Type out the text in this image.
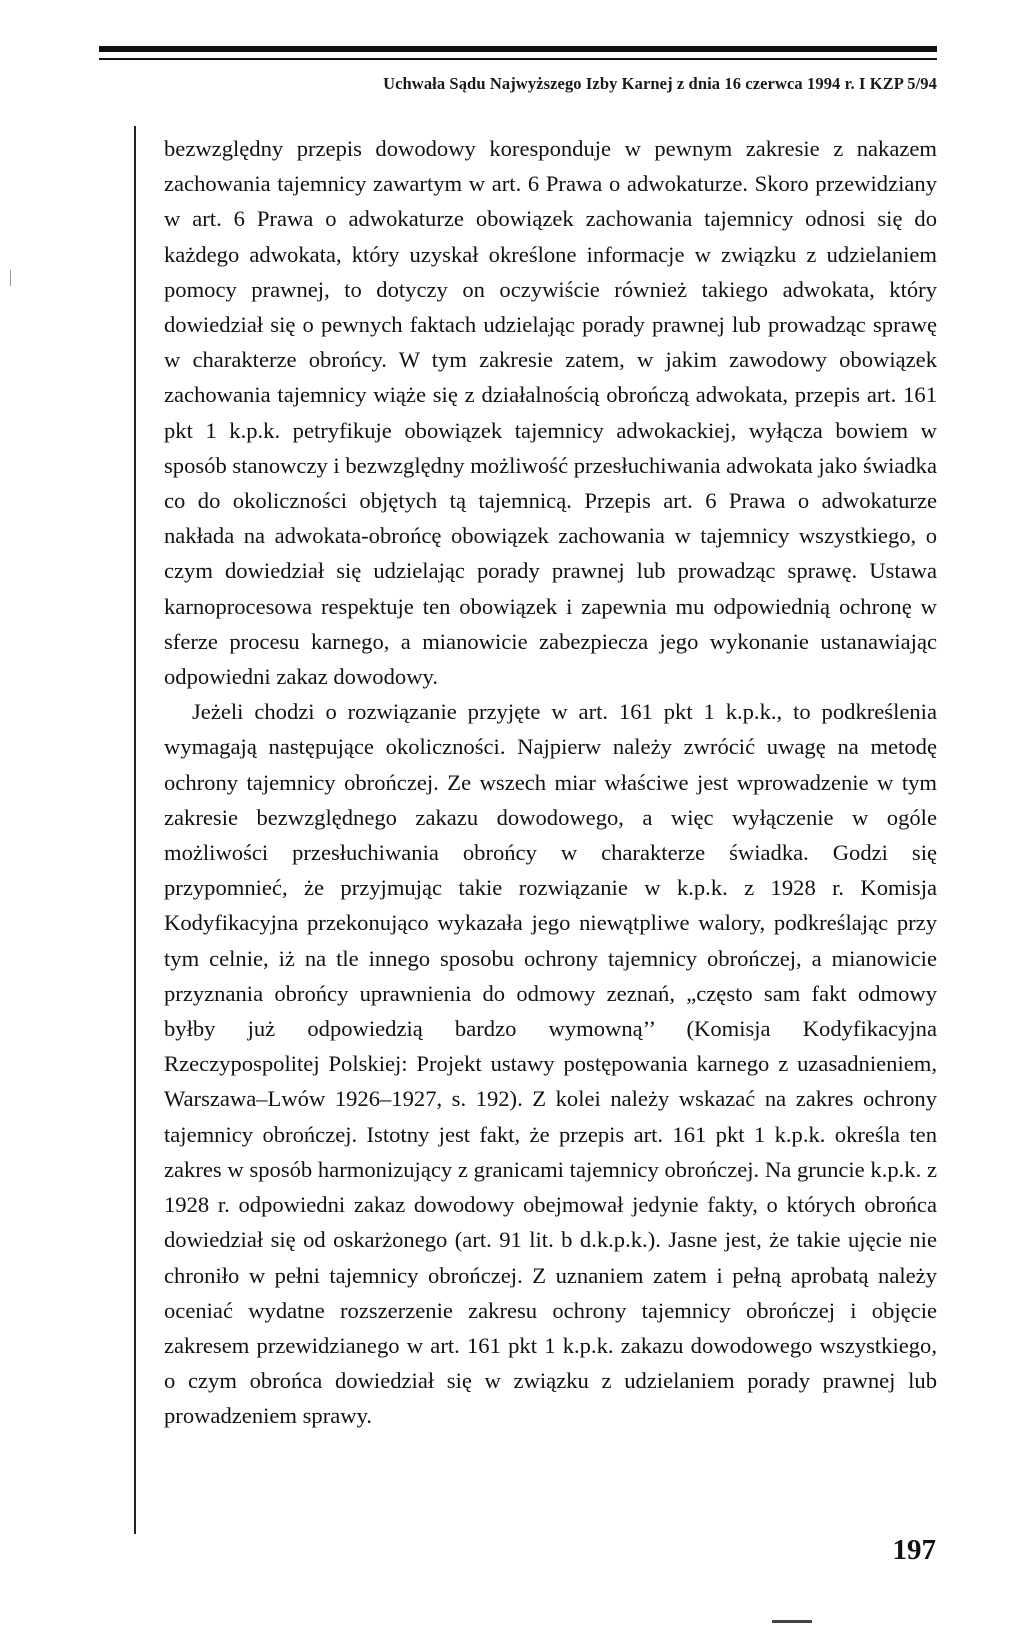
Uchwała Sądu Najwyższego Izby Karnej z dnia 16 czerwca 1994 r. I KZP 5/94

bezwzględny przepis dowodowy koresponduje w pewnym zakresie z nakazem zachowania tajemnicy zawartym w art. 6 Prawa o adwokaturze. Skoro przewidziany w art. 6 Prawa o adwokaturze obowiązek zachowania tajemnicy odnosi się do każdego adwokata, który uzyskał określone informacje w związku z udzielaniem pomocy prawnej, to dotyczy on oczywiście również takiego adwokata, który dowiedział się o pewnych faktach udzielając porady prawnej lub prowadząc sprawę w charakterze obrońcy. W tym zakresie zatem, w jakim zawodowy obowiązek zachowania tajemnicy wiąże się z działalnością obrończą adwokata, przepis art. 161 pkt 1 k.p.k. petryfikuje obowiązek tajemnicy adwokackiej, wyłącza bowiem w sposób stanowczy i bezwzględny możliwość przesłuchiwania adwokata jako świadka co do okoliczności objętych tą tajemnicą. Przepis art. 6 Prawa o adwokaturze nakłada na adwokata-obrońcę obowiązek zachowania w tajemnicy wszystkiego, o czym dowiedział się udzielając porady prawnej lub prowadząc sprawę. Ustawa karnoprocesowa respektuje ten obowiązek i zapewnia mu odpowiednią ochronę w sferze procesu karnego, a mianowicie zabezpiecza jego wykonanie ustanawiając odpowiedni zakaz dowodowy.

Jeżeli chodzi o rozwiązanie przyjęte w art. 161 pkt 1 k.p.k., to podkreślenia wymagają następujące okoliczności. Najpierw należy zwrócić uwagę na metodę ochrony tajemnicy obrończej. Ze wszech miar właściwe jest wprowadzenie w tym zakresie bezwzględnego zakazu dowodowego, a więc wyłączenie w ogóle możliwości przesłuchiwania obrońcy w charakterze świadka. Godzi się przypomnieć, że przyjmując takie rozwiązanie w k.p.k. z 1928 r. Komisja Kodyfikacyjna przekonująco wykazała jego niewątpliwe walory, podkreślając przy tym celnie, iż na tle innego sposobu ochrony tajemnicy obrończej, a mianowicie przyznania obrońcy uprawnienia do odmowy zeznań, „często sam fakt odmowy byłby już odpowiedzią bardzo wymowną’’ (Komisja Kodyfikacyjna Rzeczypospolitej Polskiej: Projekt ustawy postępowania karnego z uzasadnieniem, Warszawa–Lwów 1926–1927, s. 192). Z kolei należy wskazać na zakres ochrony tajemnicy obrończej. Istotny jest fakt, że przepis art. 161 pkt 1 k.p.k. określa ten zakres w sposób harmonizujący z granicami tajemnicy obrończej. Na gruncie k.p.k. z 1928 r. odpowiedni zakaz dowodowy obejmował jedynie fakty, o których obrońca dowiedział się od oskarżonego (art. 91 lit. b d.k.p.k.). Jasne jest, że takie ujęcie nie chroniło w pełni tajemnicy obrończej. Z uznaniem zatem i pełną aprobatą należy oceniać wydatne rozszerzenie zakresu ochrony tajemnicy obrończej i objęcie zakresem przewidzianego w art. 161 pkt 1 k.p.k. zakazu dowodowego wszystkiego, o czym obrońca dowiedział się w związku z udzielaniem porady prawnej lub prowadzeniem sprawy.

197
